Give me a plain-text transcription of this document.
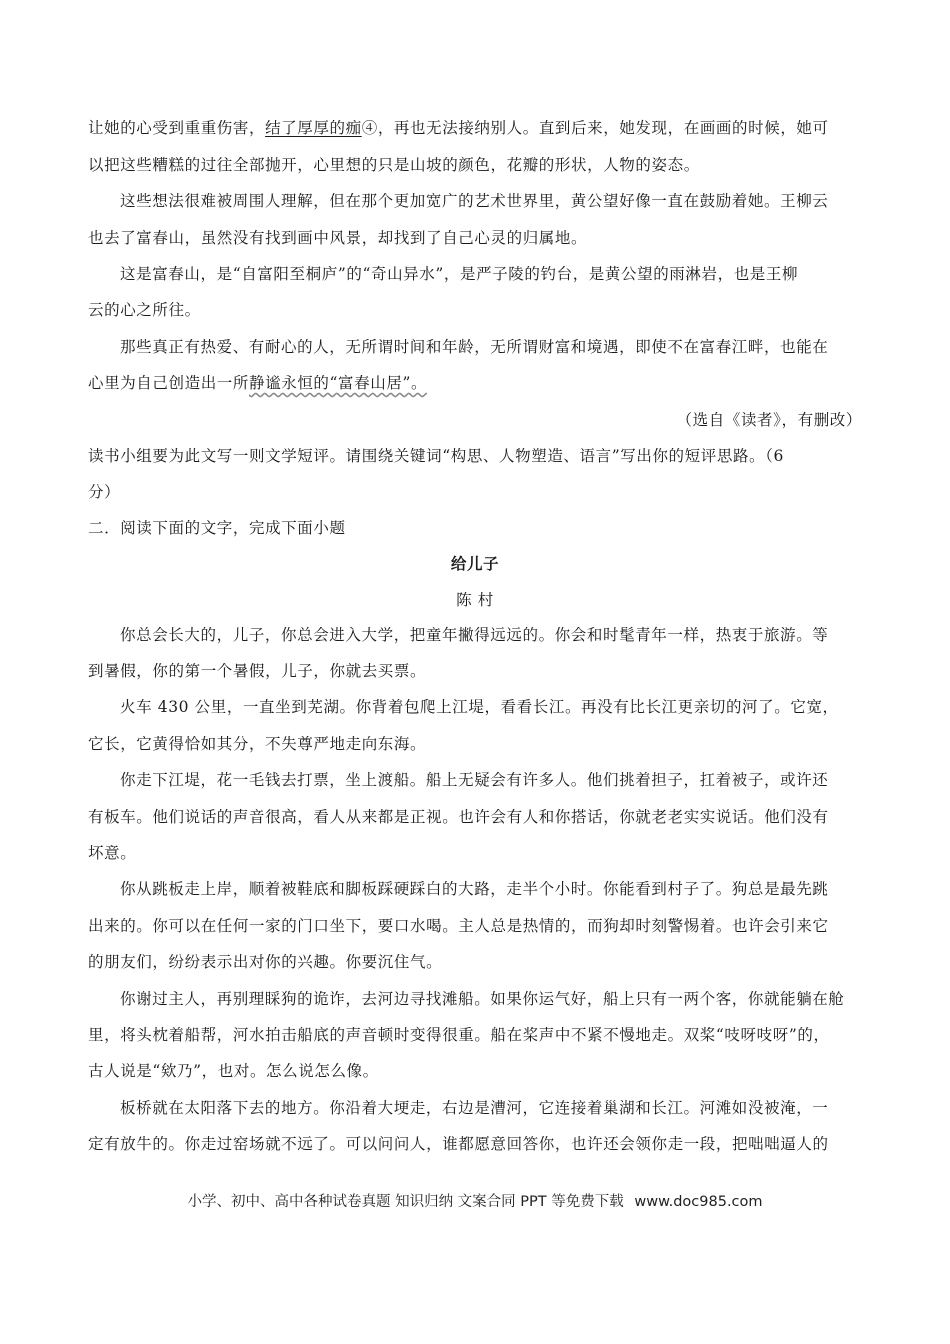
让她的心受到重重伤害，结了厚厚的痂④，再也无法接纳别人。直到后来，她发现，在画画的时候，她可
以把这些糟糕的过往全部抛开，心里想的只是山坡的颜色，花瓣的形状，人物的姿态。
这些想法很难被周围人理解，但在那个更加宽广的艺术世界里，黄公望好像一直在鼓励着她。王柳云
也去了富春山，虽然没有找到画中风景，却找到了自己心灵的归属地。
这是富春山，是“自富阳至桐庐”的“奇山异水”，是严子陵的钓台，是黄公望的雨淋岩，也是王柳
云的心之所往。
那些真正有热爱、有耐心的人，无所谓时间和年龄，无所谓财富和境遇，即使不在富春江畔，也能在
心里为自己创造出一所静谧永恒的“富春山居”。
（选自《读者》，有删改）
读书小组要为此文写一则文学短评。请围绕关键词“构思、人物塑造、语言”写出你的短评思路。（6
分）
二．阅读下面的文字，完成下面小题
给儿子
陈 村
你总会长大的，儿子，你总会进入大学，把童年撇得远远的。你会和时髦青年一样，热衷于旅游。等
到暑假，你的第一个暑假，儿子，你就去买票。
火车 430 公里，一直坐到芜湖。你背着包爬上江堤，看看长江。再没有比长江更亲切的河了。它宽，
它长，它黄得恰如其分，不失尊严地走向东海。
你走下江堤，花一毛钱去打票，坐上渡船。船上无疑会有许多人。他们挑着担子，扛着被子，或许还
有板车。他们说话的声音很高，看人从来都是正视。也许会有人和你搭话，你就老老实实说话。他们没有
坏意。
你从跳板走上岸，顺着被鞋底和脚板踩硬踩白的大路，走半个小时。你能看到村子了。狗总是最先跳
出来的。你可以在任何一家的门口坐下，要口水喝。主人总是热情的，而狗却时刻警惕着。也许会引来它
的朋友们，纷纷表示出对你的兴趣。你要沉住气。
你谢过主人，再别理睬狗的诡诈，去河边寻找滩船。如果你运气好，船上只有一两个客，你就能躺在舱
里，将头枕着船帮，河水拍击船底的声音顿时变得很重。船在桨声中不紧不慢地走。双桨“吱呀吱呀”的，
古人说是“欸乃”，也对。怎么说怎么像。
板桥就在太阳落下去的地方。你沿着大埂走，右边是漕河，它连接着巢湖和长江。河滩如没被淹，一
定有放牛的。你走过窑场就不远了。可以问问人，谁都愿意回答你，也许还会领你走一段，把咄咄逼人的
小学、初中、高中各种试卷真题 知识归纳 文案合同 PPT 等免费下载 www.doc985.com
